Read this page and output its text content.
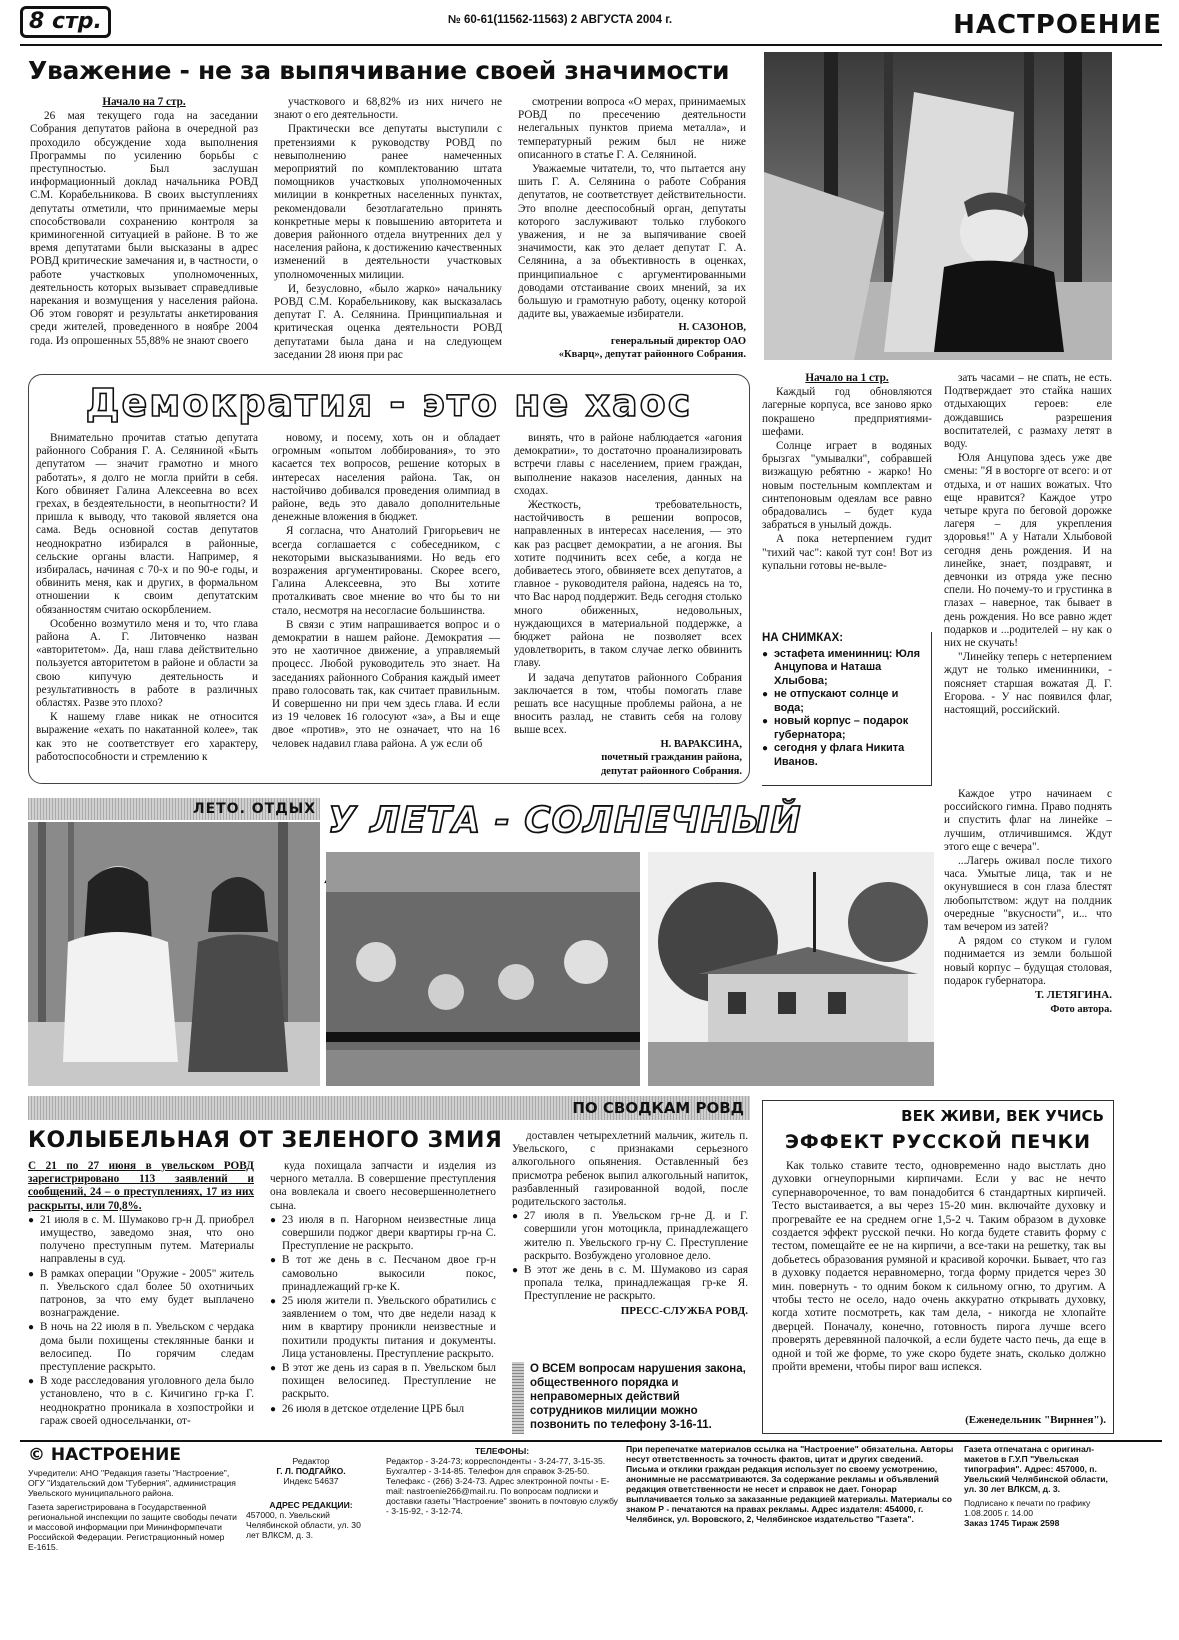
8 стр.	№ 60-61(11562-11563) 2 АВГУСТА 2004 г.	НАСТРОЕНИЕ
Уважение - не за выпячивание своей значимости

Начало на 7 стр.

26 мая текущего года на заседании Собрания депутатов района в очередной раз проходило обсуждение хода выполнения Программы по усилению борьбы с преступностью. Был заслушан информационный доклад начальника РОВД С.М. Корабельникова. В своих выступлениях депутаты отметили, что принимаемые меры способствовали сохранению контроля за криминогенной ситуацией в районе. В то же время депутатами были высказаны в адрес РОВД критические замечания и, в частности, о работе участковых уполномоченных, деятельность которых вызывает справедливые нарекания и возмущения у населения района. Об этом говорят и результаты анкетирования среди жителей, проведенного в ноябре 2004 года. Из опрошенных 55,88% не знают своего

участкового и 68,82% из них ничего не знают о его деятельности.

Практически все депутаты выступили с претензиями к руководству РОВД по невыполнению ранее намеченных мероприятий по комплектованию штата помощников участковых уполномоченных милиции в конкретных населенных пунктах, рекомендовали безотлагательно принять конкретные меры к повышению авторитета и доверия районного отдела внутренних дел у населения района, к достижению качественных изменений в деятельности участковых уполномоченных милиции.

И, безусловно, «было жарко» начальнику РОВД С.М. Корабельникову, как высказалась депутат Г. А. Селянина. Принципиальная и критическая оценка деятельности РОВД депутатами была дана и на следующем заседании 28 июня при рас

смотрении вопроса «О мерах, принимаемых РОВД по пресечению деятельности нелегальных пунктов приема металла», и температурный режим был не ниже описанного в статье Г. А. Селяниной.

Уважаемые читатели, то, что пытается ану​шить Г. А. Селянина о работе Собрания депутатов, не соответствует действительности. Это вполне дееспособный орган, депутаты которого заслуживают только глубокого уважения, и не за выпячивание своей значимости, как это делает депутат Г. А. Селянина, а за объективность в оценках, принципиальное с аргументированными доводами отстаивание своих мнений, за их большую и грамотную работу, оценку которой дадите вы, уважаемые избиратели.

Н. САЗОНОВ,

генеральный директор ОАО

«Кварц», депутат районного Собрания.

Демократия - это не хаос

Внимательно прочитав статью депутата районного Собрания Г. А. Селяниной «Быть депутатом — значит грамотно и много работать», я долго не могла прийти в себя. Кого обвиняет Галина Алексеевна во всех грехах, в бездеятельности, в неопытности? И пришла к выводу, что таковой является она сама. Ведь основной состав депутатов неоднократно избирался в районные, сельские органы власти. Например, я избиралась, начиная с 70-х и по 90-е годы, и обвинить меня, как и других, в формальном отношении к своим депутатским обязанностям считаю оскорблением.

Особенно возмутило меня и то, что глава района А. Г. Литовченко назван «авторитетом». Да, наш глава действительно пользуется авторитетом в районе и области за свою кипучую деятельность и результативность в работе в различных областях. Разве это плохо?

К нашему главе никак не относится выражение «ехать по накатанной колее», так как это не соответствует его характеру, работоспособности и стремлению к

новому, и посему, хоть он и обладает огромным «опытом лоббирования», то это касается тех вопросов, решение которых в интересах населения района. Так, он настойчиво добивался проведения олимпиад в районе, ведь это давало дополнительные денежные вложения в бюджет.

Я согласна, что Анатолий Григорьевич не всегда соглашается с собеседником, с некоторыми высказываниями. Но ведь его возражения аргументированы. Скорее всего, Галина Алексеевна, это Вы хотите проталкивать свое мнение во что бы то ни стало, несмотря на несогласие большинства.

В связи с этим напрашивается вопрос и о демократии в нашем районе. Демократия — это не хаотичное движение, а управляемый процесс. Любой руководитель это знает. На заседаниях районного Собрания каждый имеет право голосовать так, как считает правильным. И совершенно ни при чем здесь глава. И если из 19 человек 16 голосуют «за», а Вы и еще двое «против», это не означает, что на 16 человек надавил глава района. А уж если об

винять, что в районе наблюдается «агония демократии», то достаточно проанализировать встречи главы с населением, прием граждан, выполнение наказов населения, данных на сходах.

Жесткость, требовательность, настойчивость в решении вопросов, направленных в интересах населения, — это как раз расцвет демократии, а не агония. Вы хотите подчинить всех себе, а когда не добиваетесь этого, обвиняете всех депутатов, а главное - руководителя района, надеясь на то, что Вас народ поддержит. Ведь сегодня столько много обиженных, недовольных, нуждающихся в материальной поддержке, а бюджет района не позволяет всех удовлетворить, в таком случае легко обвинить главу.

И задача депутатов районного Собрания заключается в том, чтобы помогать главе решать все насущные проблемы района, а не вносить разлад, не ставить себя на голову выше всех.

Н. ВАРАКСИНА,

почетный гражданин района,

депутат районного Собрания.

Начало на 1 стр.

Каждый год обновляются лагерные корпуса, все заново ярко покрашено предприятиями-шефами.

Солнце играет в водяных брызгах "умывалки", собравшей визжащую ребятню - жарко! Но новым постельным комплектам и синтепоновым одеялам все равно обрадовались – будет куда забраться в унылый дождь.

А пока нетерпением гудит "тихий час": какой тут сон! Вот из купальни готовы не-выле-

НА СНИМКАХ:
● эстафета именинниц: Юля Анцупова и Наташа Хлыбова;
● не отпускают солнце и вода;
● новый корпус – подарок губернатора;
● сегодня у флага Никита Иванов.

зать часами – не спать, не есть. Подтверждает это стайка наших отдыхающих героев: еле дождавшись разрешения воспитателей, с размаху летят в воду.

Юля Анцупова здесь уже две смены: "Я в восторге от всего: и от отдыха, и от наших вожатых. Что еще нравится? Каждое утро четыре круга по беговой дорожке лагеря – для укрепления здоровья!" А у Натали Хлыбовой сегодня день рождения. И на линейке, знает, поздравят, и девчонки из отряда уже песню спели. Но почему-то и грустинка в глазах – наверное, так бывает в день рождения. Но все равно ждет подарков и ...родителей – ну как о них не скучать!

"Линейку теперь с нетерпением ждут не только именинники, - поясняет старшая вожатая Д. Г. Егорова. - У нас появился флаг, настоящий, российский.

Каждое утро начинаем с российского гимна. Право поднять и спустить флаг на линейке – лучшим, отличившимся. Ждут этого еще с вечера".

...Лагерь оживал после тихого часа. Умытые лица, так и не окунувшиеся в сон глаза блестят любопытством: ждут на полдник очередные "вкусности", и... что там вечером из затей?

А рядом со стуком и гулом поднимается из земли большой новый корпус – будущая столовая, подарок губернатора.

Т. ЛЕТЯГИНА.

Фото автора.

ЛЕТО. ОТДЫХ У ЛЕТА - СОЛНЕЧНЫЙ
ПО СВОДКАМ РОВД
КОЛЫБЕЛЬНАЯ ОТ ЗЕЛЕНОГО ЗМИЯ

С 21 по 27 июня в увельском РОВД зарегистрировано 113 заявлений и сообщений, 24 – о преступлениях, 17 из них раскрыты, или 70,8%.

● 21 июля в с. М. Шумаково гр-н Д. приобрел имущество, заведомо зная, что оно получено преступным путем. Материалы направлены в суд.

● В рамках операции "Оружие - 2005" житель п. Увельского сдал более 50 охотничьих патронов, за что ему будет выплачено вознаграждение.

● В ночь на 22 июля в п. Увельском с чердака дома были похищены стеклянные банки и велосипед. По горячим следам преступление раскрыто.

● В ходе расследования уголовного дела было установлено, что в с. Кичигино гр-ка Г. неоднократно проникала в хозпостройки и гараж своей односельчанки, от-

куда похищала запчасти и изделия из черного металла. В совершение преступления она вовлекала и своего несовершеннолетнего сына.

● 23 июля в п. Нагорном неизвестные лица совершили поджог двери квартиры гр-на С. Преступление не раскрыто.

● В тот же день в с. Песчаном двое гр-н самовольно выкосили покос, принадлежащий гр-ке К.

● 25 июля жители п. Увельского обратились с заявлением о том, что две недели назад к ним в квартиру проникли неизвестные и похитили продукты питания и документы. Лица установлены. Преступление раскрыто.

● В этот же день из сарая в п. Увельском был похищен велосипед. Преступление не раскрыто.

● 26 июля в детское отделение ЦРБ был

доставлен четырехлетний мальчик, житель п. Увельского, с признаками серьезного алкогольного опьянения. Оставленный без присмотра ребенок выпил алкогольный напиток, разбавленный газированной водой, после родительского застолья.

● 27 июля в п. Увельском гр-не Д. и Г. совершили угон мотоцикла, принадлежащего жителю п. Увельского гр-ну С. Преступление раскрыто. Возбуждено уголовное дело.

● В этот же день в с. М. Шумаково из сарая пропала телка, принадлежащая гр-ке Я. Преступление не раскрыто.

ПРЕСС-СЛУЖБА РОВД.

О ВСЕМ вопросам нарушения закона, общественного порядка и неправомерных действий сотрудников милиции можно позвонить по телефону 3-16-11.
ВЕК ЖИВИ, ВЕК УЧИСЬ
ЭФФЕКТ РУССКОЙ ПЕЧКИ

Как только ставите тесто, одновременно надо выстлать дно духовки огнеупорными кирпичами. Если у вас не нечто супернавороченное, то вам понадобится 6 стандартных кирпичей. Тесто выстаивается, а вы через 15-20 мин. включайте духовку и прогревайте ее на среднем огне 1,5-2 ч. Таким образом в духовке создается эффект русской печки. Но когда будете ставить форму с тестом, помещайте ее не на кирпичи, а все-таки на решетку, так вы добьетесь образования румяной и красивой корочки. Бывает, что газ в духовку подается неравномерно, тогда форму придется через 30 мин. повернуть - то одним боком к сильному огню, то другим. А чтобы тесто не осело, надо очень аккуратно открывать духовку, когда хотите посмотреть, как там дела, - никогда не хлопайте дверцей. Поначалу, конечно, готовность пирога лучше всего проверять деревянной палочкой, а если будете часто печь, да еще в одной и той же форме, то уже скоро будете знать, сколько должно пройти времени, чтобы пирог ваш испекся.

(Еженедельник "Вирннея").
© НАСТРОЕНИЕ
Учредители: АНО "Редакция газеты "Настроение", ОГУ "Издательский дом "Губерния", администрация Увельского муниципального района.
Газета зарегистрирована в Государственной региональной инспекции по защите свободы печати и массовой информации при Мининформпечати Российской Федерации. Регистрационный номер Е-1615.
Редактор
Г. Л. ПОДГАЙКО.
Индекс 54637
АДРЕС РЕДАКЦИИ:
457000, п. Увельский Челябинской области, ул. 30 лет ВЛКСМ, д. 3.
ТЕЛЕФОНЫ:
Редактор - 3-24-73; корреспонденты - 3-24-77, 3-15-35. Бухгалтер - 3-14-85. Телефон для справок 3-25-50. Телефакс - (266) 3-24-73. Адрес электронной почты - E-mail: nastroenie266@mail.ru. По вопросам подписки и доставки газеты "Настроение" звонить в почтовую службу - 3-15-92, - 3-12-74.
При перепечатке материалов ссылка на "Настроение" обязательна. Авторы несут ответственность за точность фактов, цитат и других сведений. Письма и отклики граждан редакция использует по своему усмотрению, анонимные не рассматриваются. За содержание рекламы и объявлений редакция ответственности не несет и справок не дает. Гонорар выплачивается только за заказанные редакцией материалы. Материалы со знаком Р - печатаются на правах рекламы. Адрес издателя: 454000, г. Челябинск, ул. Воровского, 2, Челябинское издательство "Газета".
Газета отпечатана с оригинал-макетов в Г.У.П "Увельская типография". Адрес: 457000, п. Увельский Челябинской области, ул. 30 лет ВЛКСМ, д. 3.
Подписано к печати по графику 1.08.2005 г. 14.00
Заказ 1745 Тираж 2598
